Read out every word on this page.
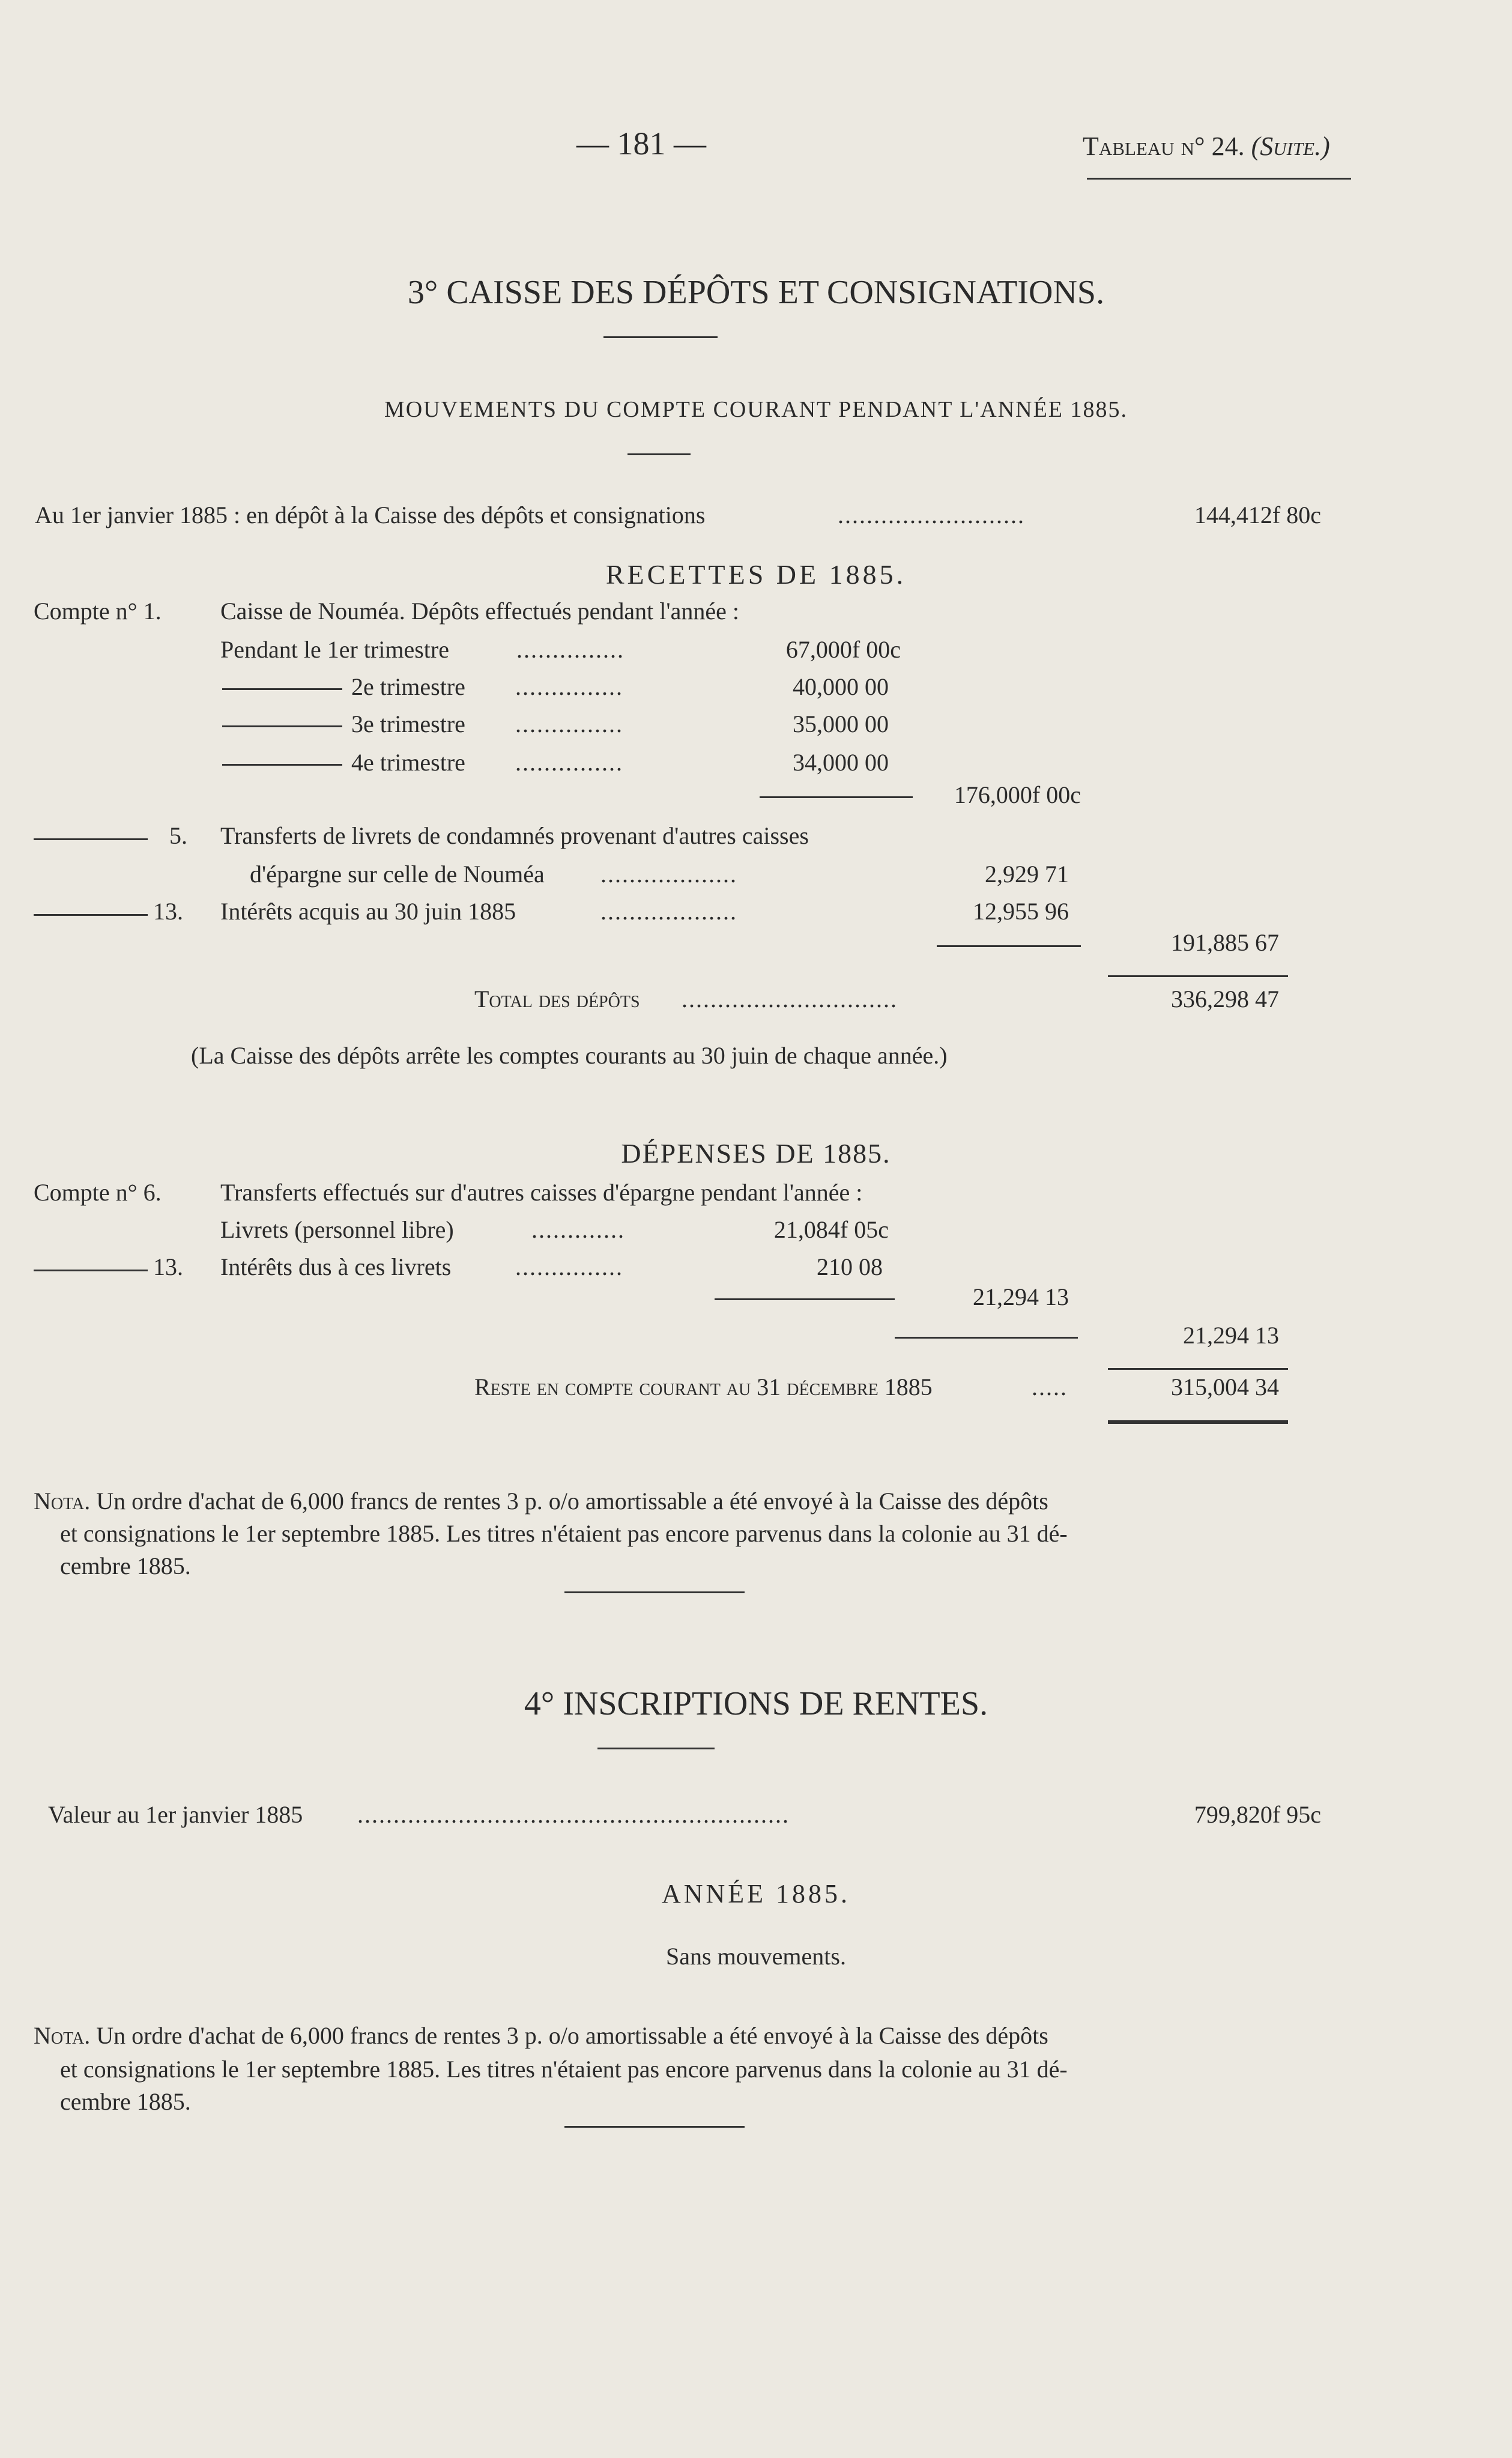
— 181 —	Tableau n° 24. (Suite.)
3° CAISSE DES DÉPÔTS ET CONSIGNATIONS.
MOUVEMENTS DU COMPTE COURANT PENDANT L'ANNÉE 1885.
Au 1er janvier 1885 : en dépôt à la Caisse des dépôts et consignations	..........................	144,412f 80c
RECETTES DE 1885.
Compte n° 1. Caisse de Nouméa. Dépôts effectués pendant l'année :
Pendant le 1er trimestre	...............	67,000f 00c
2e trimestre ...............	40,000 00
3e trimestre ...............	35,000 00
4e trimestre ...............	34,000 00
176,000f 00c
5. Transferts de livrets de condamnés provenant d'autres caisses
d'épargne sur celle de Nouméa ...................	2,929 71
13. Intérêts acquis au 30 juin 1885	...................	12,955 96
191,885 67
Total des dépôts ..............................	336,298 47
(La Caisse des dépôts arrête les comptes courants au 30 juin de chaque année.)
DÉPENSES DE 1885.
Compte n° 6. Transferts effectués sur d'autres caisses d'épargne pendant l'année :
Livrets (personnel libre)	.............	21,084f 05c
13. Intérêts dus à ces livrets	...............	210 08
21,294 13
21,294 13
Reste en compte courant au 31 décembre 1885	.....	315,004 34
Nota. Un ordre d'achat de 6,000 francs de rentes 3 p. o/o amortissable a été envoyé à la Caisse des dépôts
et consignations le 1er septembre 1885. Les titres n'étaient pas encore parvenus dans la colonie au 31 dé-
cembre 1885.
4° INSCRIPTIONS DE RENTES.
Valeur au 1er janvier 1885 ............................................................	799,820f 95c
ANNÉE 1885.
Sans mouvements.
Nota. Un ordre d'achat de 6,000 francs de rentes 3 p. o/o amortissable a été envoyé à la Caisse des dépôts
et consignations le 1er septembre 1885. Les titres n'étaient pas encore parvenus dans la colonie au 31 dé-
cembre 1885.
